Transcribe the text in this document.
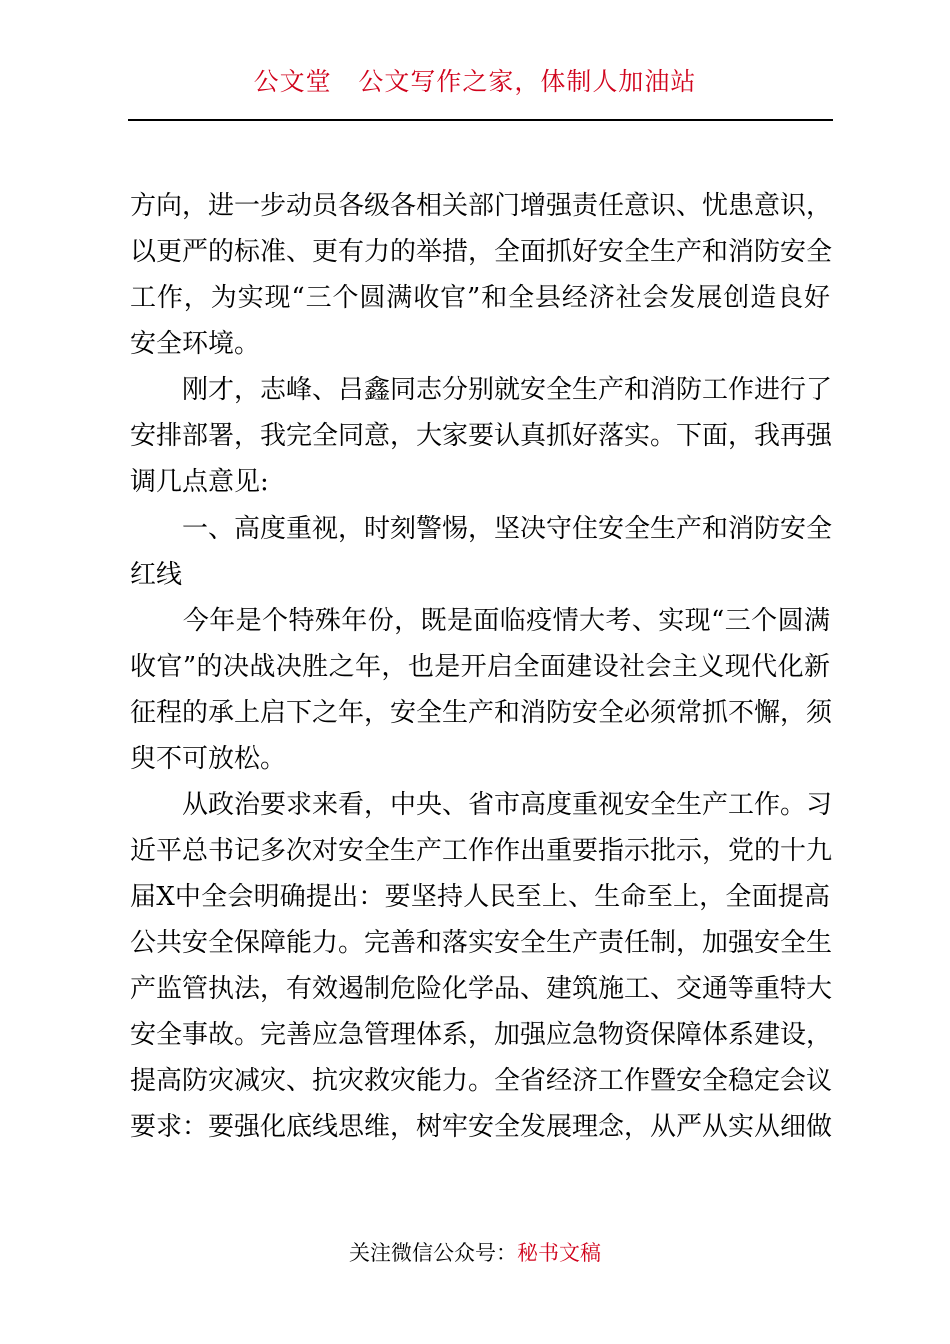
公文堂   公文写作之家，体制人加油站
方向，进一步动员各级各相关部门增强责任意识、忧患意识，
以更严的标准、更有力的举措，全面抓好安全生产和消防安全
工作，为实现“三个圆满收官”和全县经济社会发展创造良好
安全环境。
　　刚才，志峰、吕鑫同志分别就安全生产和消防工作进行了
安排部署，我完全同意，大家要认真抓好落实。下面，我再强
调几点意见:
　　一、高度重视，时刻警惕，坚决守住安全生产和消防安全
红线
　　今年是个特殊年份，既是面临疫情大考、实现“三个圆满
收官”的决战决胜之年，也是开启全面建设社会主义现代化新
征程的承上启下之年，安全生产和消防安全必须常抓不懈，须
臾不可放松。
　　从政治要求来看，中央、省市高度重视安全生产工作。习
近平总书记多次对安全生产工作作出重要指示批示，党的十九
届X中全会明确提出：要坚持人民至上、生命至上，全面提高
公共安全保障能力。完善和落实安全生产责任制，加强安全生
产监管执法，有效遏制危险化学品、建筑施工、交通等重特大
安全事故。完善应急管理体系，加强应急物资保障体系建设，
提高防灾减灾、抗灾救灾能力。全省经济工作暨安全稳定会议
要求：要强化底线思维，树牢安全发展理念，从严从实从细做
关注微信公众号：秘书文稿
